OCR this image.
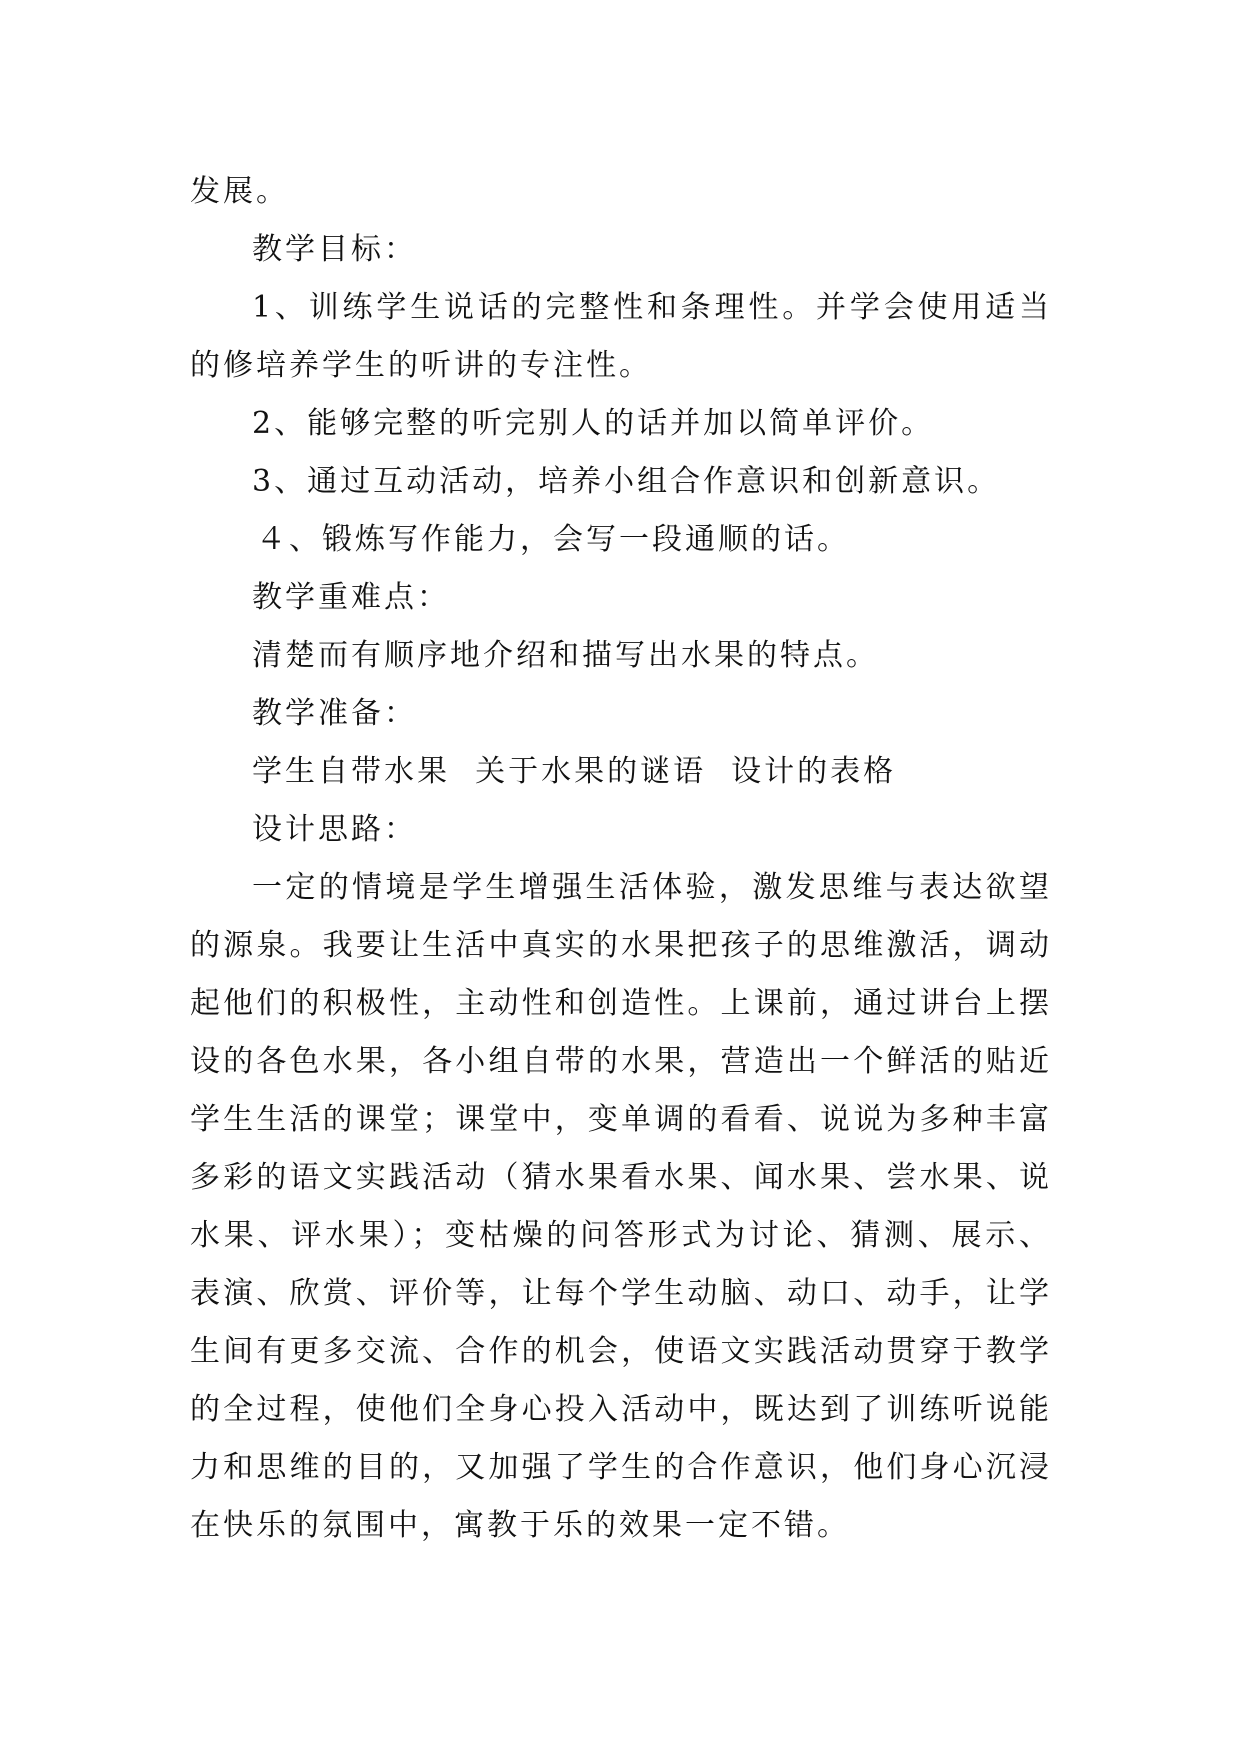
发展。

教学目标：

1、训练学生说话的完整性和条理性。并学会使用适当的修培养学生的听讲的专注性。

2、能够完整的听完别人的话并加以简单评价。

3、通过互动活动，培养小组合作意识和创新意识。

４、锻炼写作能力，会写一段通顺的话。

教学重难点：

清楚而有顺序地介绍和描写出水果的特点。

教学准备：

学生自带水果  关于水果的谜语  设计的表格

设计思路：

一定的情境是学生增强生活体验，激发思维与表达欲望的源泉。我要让生活中真实的水果把孩子的思维激活，调动起他们的积极性，主动性和创造性。上课前，通过讲台上摆设的各色水果，各小组自带的水果，营造出一个鲜活的贴近学生生活的课堂；课堂中，变单调的看看、说说为多种丰富多彩的语文实践活动（猜水果看水果、闻水果、尝水果、说水果、评水果）；变枯燥的问答形式为讨论、猜测、展示、表演、欣赏、评价等，让每个学生动脑、动口、动手，让学生间有更多交流、合作的机会，使语文实践活动贯穿于教学的全过程，使他们全身心投入活动中，既达到了训练听说能力和思维的目的，又加强了学生的合作意识，他们身心沉浸在快乐的氛围中，寓教于乐的效果一定不错。
